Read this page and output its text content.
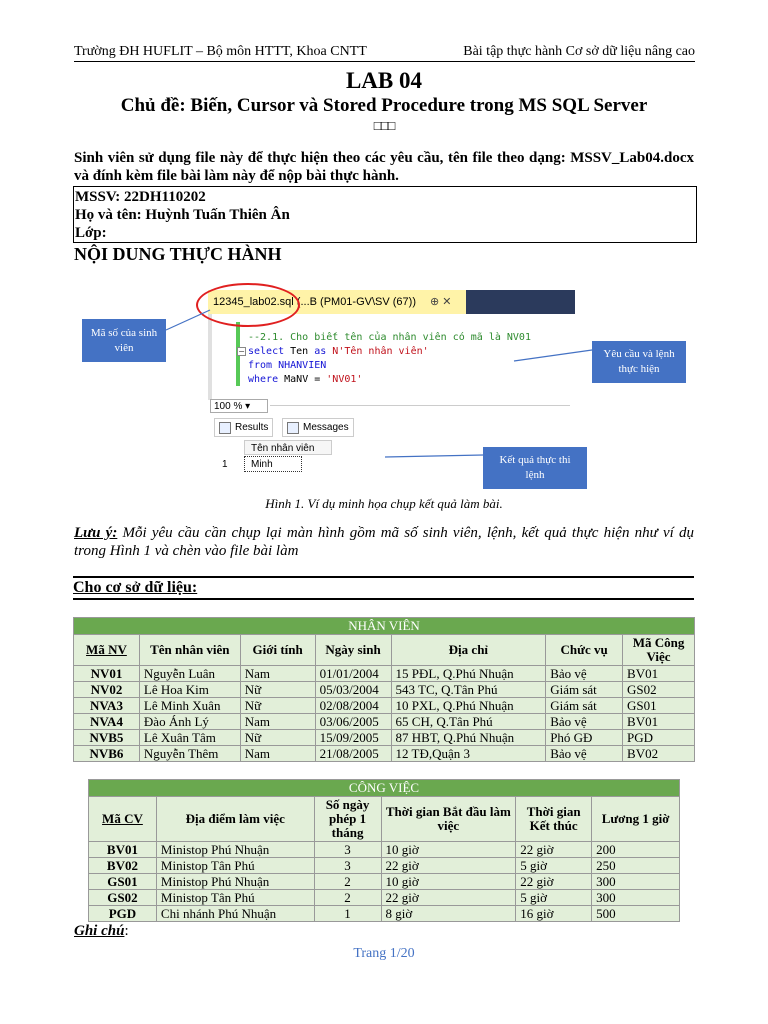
Trường ĐH HUFLIT – Bộ môn HTTT, Khoa CNTT	Bài tập thực hành Cơ sở dữ liệu nâng cao
LAB 04
Chủ đề: Biến, Cursor và Stored Procedure trong MS SQL Server
□□□
Sinh viên sử dụng file này để thực hiện theo các yêu cầu, tên file theo dạng: MSSV_Lab04.docx và đính kèm file bài làm này để nộp bài thực hành.
MSSV: 22DH110202
Họ và tên: Huỳnh Tuấn Thiên Ân
Lớp:
NỘI DUNG THỰC HÀNH
12345_lab02.sql (...B (PM01-GV\SV (67)) ⊕ ✕
−
--2.1. Cho biết tên của nhân viên có mã là NV01
select Ten as N'Tên nhân viên'
from NHANVIEN
where MaNV = 'NV01'
100 % ▾
Results	Messages
Tên nhân viên
1	Minh
Mã số của sinh viên
Yêu cầu và lệnh thực hiện
Kết quả thực thi lệnh
Hình 1. Ví dụ minh họa chụp kết quả làm bài.
Lưu ý: Mỗi yêu cầu cần chụp lại màn hình gồm mã số sinh viên, lệnh, kết quả thực hiện như ví dụ trong Hình 1 và chèn vào file bài làm
Cho cơ sở dữ liệu:
NHÂN VIÊN						
Mã NV	Tên nhân viên	Giới tính	Ngày sinh	Địa chỉ	Chức vụ	Mã Công Việc
NV01	Nguyễn Luân	Nam	01/01/2004	15 PĐL, Q.Phú Nhuận	Bảo vệ	BV01
NV02	Lê Hoa Kim	Nữ	05/03/2004	543 TC, Q.Tân Phú	Giám sát	GS02
NVA3	Lê Minh Xuân	Nữ	02/08/2004	10 PXL, Q.Phú Nhuận	Giám sát	GS01
NVA4	Đào Ánh Lý	Nam	03/06/2005	65 CH, Q.Tân Phú	Bảo vệ	BV01
NVB5	Lê Xuân Tâm	Nữ	15/09/2005	87 HBT, Q.Phú Nhuận	Phó GĐ	PGD
NVB6	Nguyễn Thêm	Nam	21/08/2005	12 TĐ,Quận 3	Bảo vệ	BV02
CÔNG VIỆC					
Mã CV	Địa điểm làm việc	Số ngày phép 1 tháng	Thời gian Bắt đầu làm việc	Thời gian Kết thúc	Lương 1 giờ
BV01	Ministop Phú Nhuận	3	10 giờ	22 giờ	200
BV02	Ministop Tân Phú	3	22 giờ	5 giờ	250
GS01	Ministop Phú Nhuận	2	10 giờ	22 giờ	300
GS02	Ministop Tân Phú	2	22 giờ	5 giờ	300
PGD	Chi nhánh Phú Nhuận	1	8 giờ	16 giờ	500
Ghi chú:
Trang 1/20
